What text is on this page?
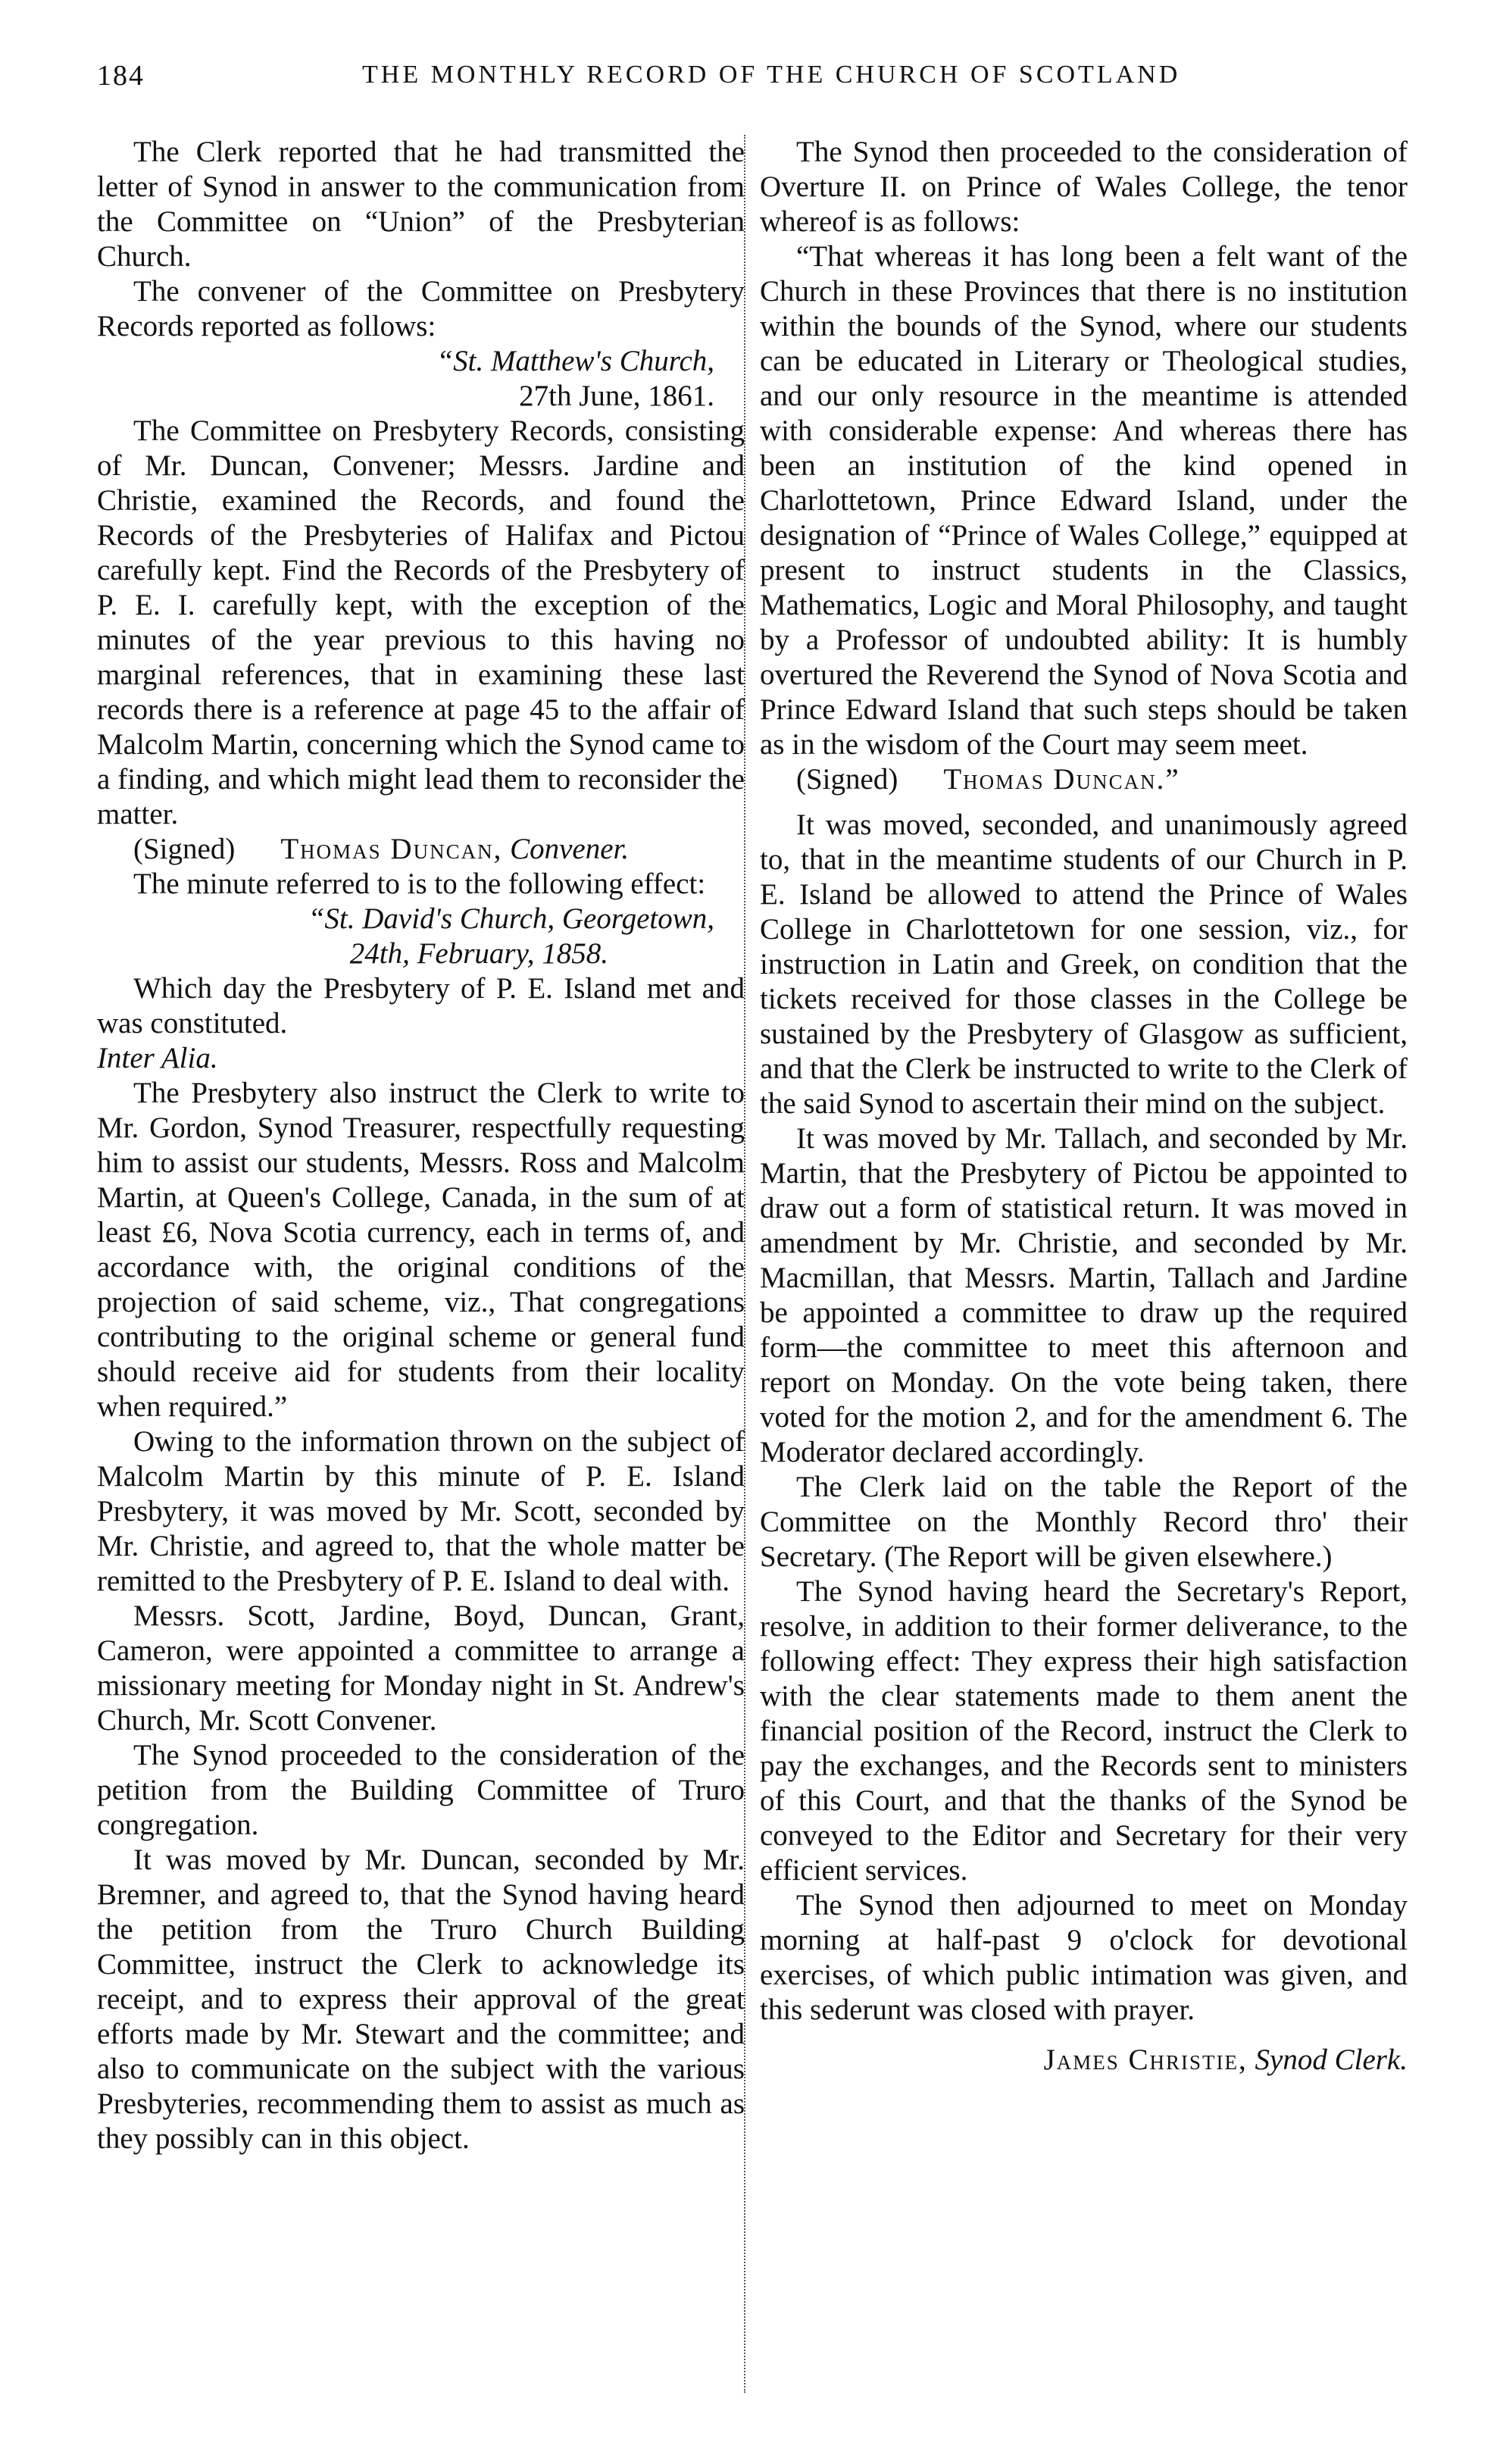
184	THE MONTHLY RECORD OF THE CHURCH OF SCOTLAND

The Clerk reported that he had transmitted the letter of Synod in answer to the communication from the Committee on “Union” of the Presbyterian Church.

The convener of the Committee on Presbytery Records reported as follows:

“St. Matthew's Church,

27th June, 1861.

The Committee on Presbytery Records, consisting of Mr. Duncan, Convener; Messrs. Jardine and Christie, examined the Records, and found the Records of the Presbyteries of Halifax and Pictou carefully kept. Find the Records of the Presbytery of P. E. I. carefully kept, with the exception of the minutes of the year previous to this having no marginal references, that in examining these last records there is a reference at page 45 to the affair of Malcolm Martin, concerning which the Synod came to a finding, and which might lead them to reconsider the matter.

(Signed) Thomas Duncan, Convener.

The minute referred to is to the following effect:

“St. David's Church, Georgetown,

24th, February, 1858.

Which day the Presbytery of P. E. Island met and was constituted.

Inter Alia.

The Presbytery also instruct the Clerk to write to Mr. Gordon, Synod Treasurer, respectfully requesting him to assist our students, Messrs. Ross and Malcolm Martin, at Queen's College, Canada, in the sum of at least £6, Nova Scotia currency, each in terms of, and accordance with, the original conditions of the projection of said scheme, viz., That congregations contributing to the original scheme or general fund should receive aid for students from their locality when required.”

Owing to the information thrown on the subject of Malcolm Martin by this minute of P. E. Island Presbytery, it was moved by Mr. Scott, seconded by Mr. Christie, and agreed to, that the whole matter be remitted to the Presbytery of P. E. Island to deal with.

Messrs. Scott, Jardine, Boyd, Duncan, Grant, Cameron, were appointed a committee to arrange a missionary meeting for Monday night in St. Andrew's Church, Mr. Scott Convener.

The Synod proceeded to the consideration of the petition from the Building Committee of Truro congregation.

It was moved by Mr. Duncan, seconded by Mr. Bremner, and agreed to, that the Synod having heard the petition from the Truro Church Building Committee, instruct the Clerk to acknowledge its receipt, and to express their approval of the great efforts made by Mr. Stewart and the committee; and also to communicate on the subject with the various Presbyteries, recommending them to assist as much as they possibly can in this object.

The Synod then proceeded to the consideration of Overture II. on Prince of Wales College, the tenor whereof is as follows:

“That whereas it has long been a felt want of the Church in these Provinces that there is no institution within the bounds of the Synod, where our students can be educated in Literary or Theological studies, and our only resource in the meantime is attended with considerable expense: And whereas there has been an institution of the kind opened in Charlottetown, Prince Edward Island, under the designation of “Prince of Wales College,” equipped at present to instruct students in the Classics, Mathematics, Logic and Moral Philosophy, and taught by a Professor of undoubted ability: It is humbly overtured the Reverend the Synod of Nova Scotia and Prince Edward Island that such steps should be taken as in the wisdom of the Court may seem meet.

(Signed) Thomas Duncan.”

It was moved, seconded, and unanimously agreed to, that in the meantime students of our Church in P. E. Island be allowed to attend the Prince of Wales College in Charlottetown for one session, viz., for instruction in Latin and Greek, on condition that the tickets received for those classes in the College be sustained by the Presbytery of Glasgow as sufficient, and that the Clerk be instructed to write to the Clerk of the said Synod to ascertain their mind on the subject.

It was moved by Mr. Tallach, and seconded by Mr. Martin, that the Presbytery of Pictou be appointed to draw out a form of statistical return. It was moved in amendment by Mr. Christie, and seconded by Mr. Macmillan, that Messrs. Martin, Tallach and Jardine be appointed a committee to draw up the required form—the committee to meet this afternoon and report on Monday. On the vote being taken, there voted for the motion 2, and for the amendment 6. The Moderator declared accordingly.

The Clerk laid on the table the Report of the Committee on the Monthly Record thro' their Secretary. (The Report will be given elsewhere.)

The Synod having heard the Secretary's Report, resolve, in addition to their former deliverance, to the following effect: They express their high satisfaction with the clear statements made to them anent the financial position of the Record, instruct the Clerk to pay the exchanges, and the Records sent to ministers of this Court, and that the thanks of the Synod be conveyed to the Editor and Secretary for their very efficient services.

The Synod then adjourned to meet on Monday morning at half-past 9 o'clock for devotional exercises, of which public intimation was given, and this sederunt was closed with prayer.

James Christie, Synod Clerk.
